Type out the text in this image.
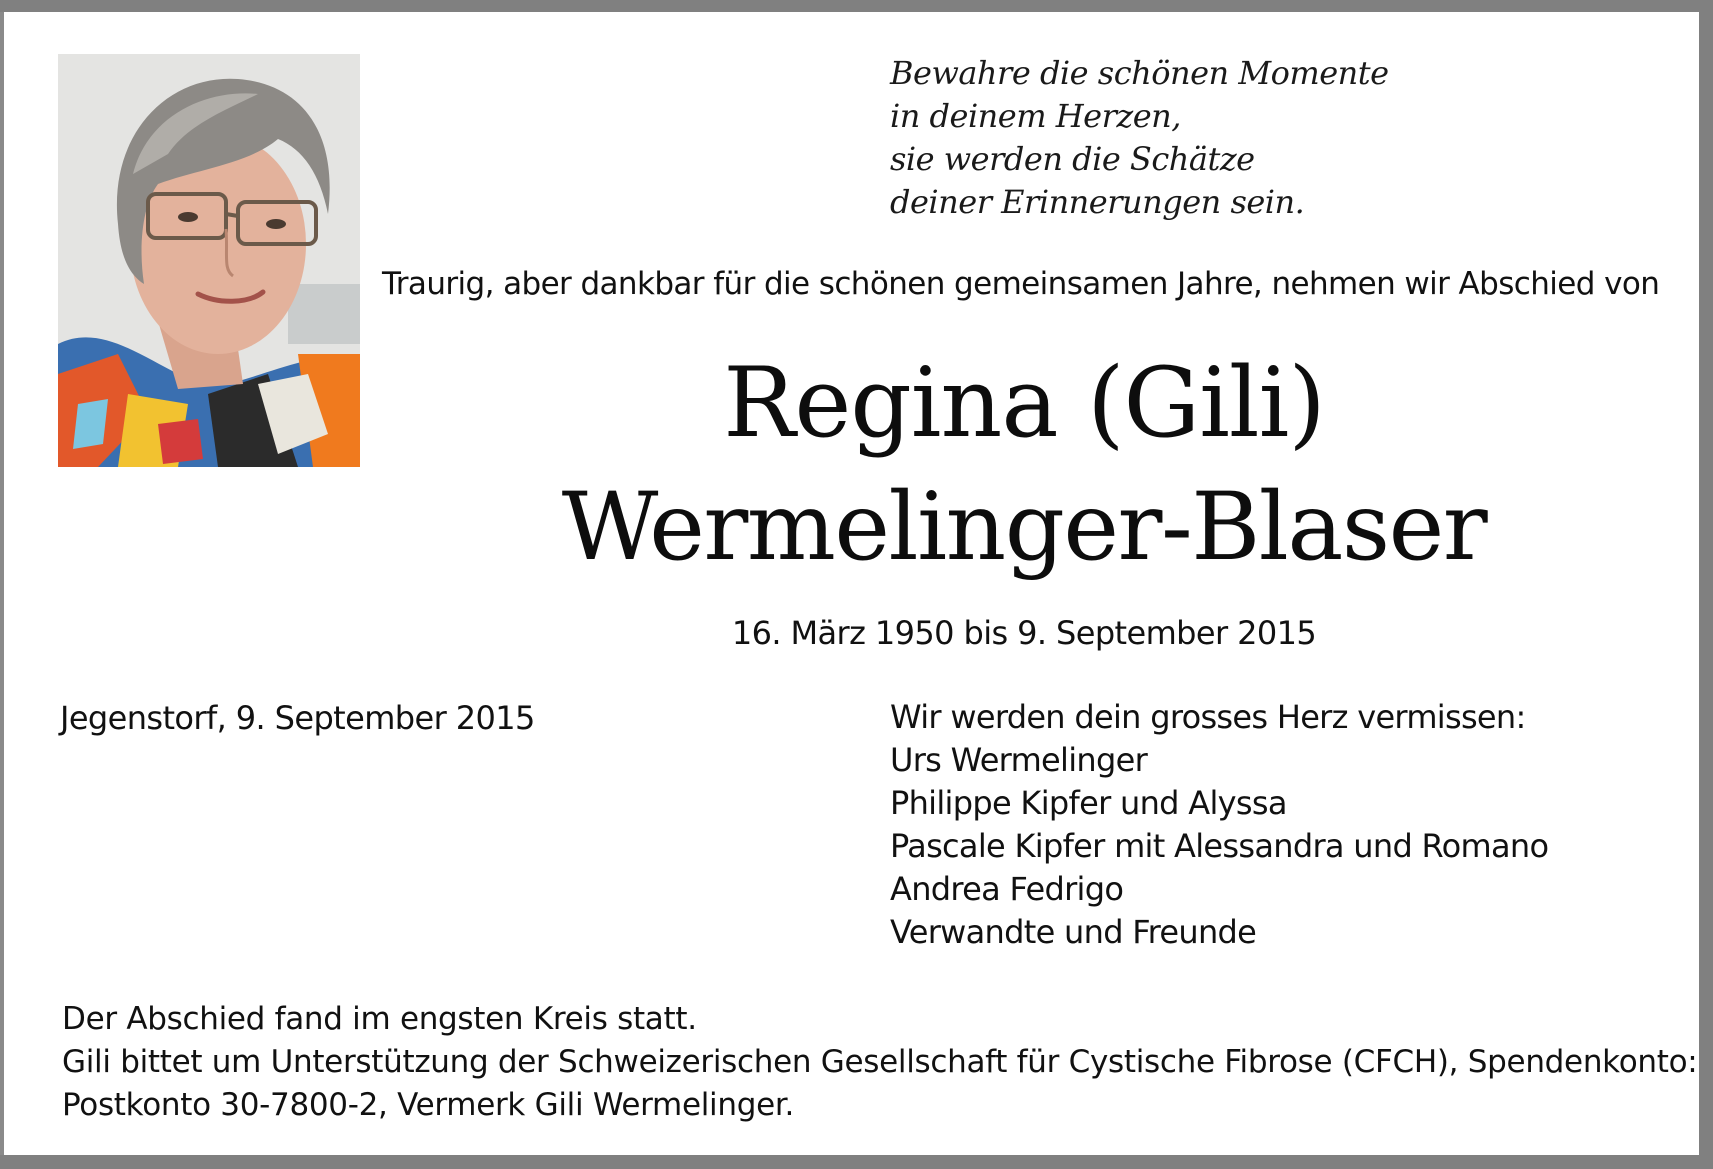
Bewahre die schönen Momente
in deinem Herzen,
sie werden die Schätze
deiner Erinnerungen sein.
Traurig, aber dankbar für die schönen gemeinsamen Jahre, nehmen wir Abschied von
Regina (Gili)
Wermelinger-Blaser
16. März 1950 bis 9. September 2015
Jegenstorf, 9. September 2015	Wir werden dein grosses Herz vermissen:
Urs Wermelinger
Philippe Kipfer und Alyssa
Pascale Kipfer mit Alessandra und Romano
Andrea Fedrigo
Verwandte und Freunde
Der Abschied fand im engsten Kreis statt.
Gili bittet um Unterstützung der Schweizerischen Gesellschaft für Cystische Fibrose (CFCH), Spendenkonto:
Postkonto 30-7800-2, Vermerk Gili Wermelinger.
